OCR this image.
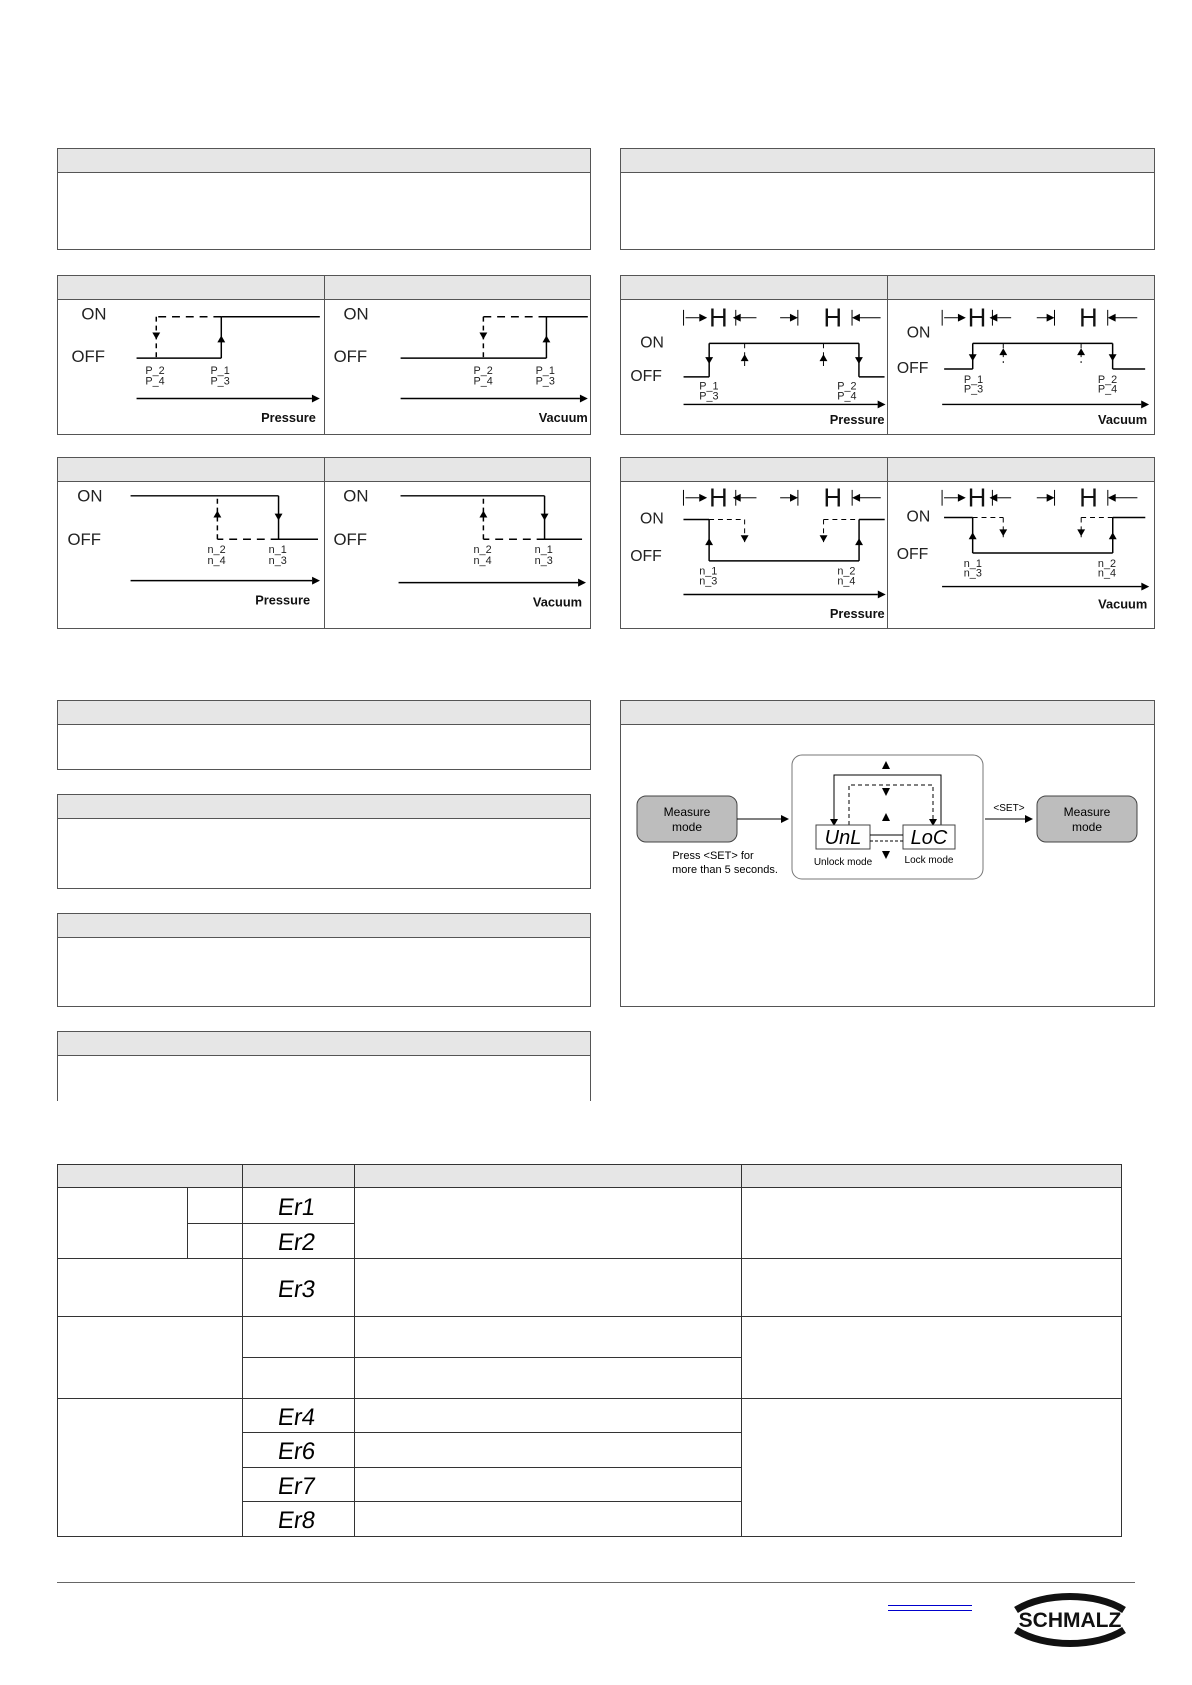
ON
OFF
P_2
P_4
P_1
P_3
Pressure
ON
OFF
P_2
P_4
P_1
P_3
Vacuum
H	H
ON
OFF
P_1
P_3
P_2
P_4
Pressure
H	H
ON
OFF
P_1
P_3
P_2
P_4
Vacuum
ON
OFF
n_2
n_4
n_1
n_3
Pressure
ON
OFF
n_2
n_4
n_1
n_3
Vacuum
H	H
ON
OFF
n_1
n_3
n_2
n_4
Pressure
H	H
ON
OFF
n_1
n_3
n_2
n_4
Vacuum
Measure
mode
Press <SET> for
more than 5 seconds.
UnL LoC
Unlock mode	Lock mode
<SET>	Measure
mode

Er1		

Er2		

Er3		

Er4		

Er6		

Er7		

Er8		

SCHMALZ
